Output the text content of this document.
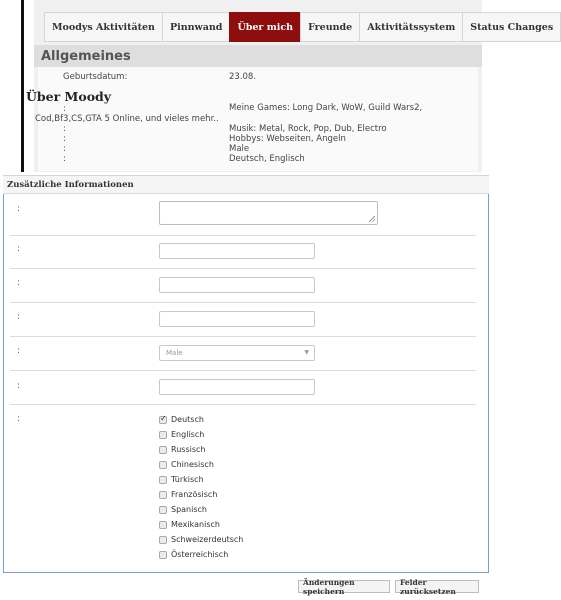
Moodys Aktivitäten	Pinnwand	Über mich	Freunde	Aktivitätssystem	Status Changes
Allgemeines
Geburtsdatum:	23.08.
Über Moody
:	Meine Games: Long Dark, WoW, Guild Wars2,
Cod,Bf3,CS,GTA 5 Online, und vieles mehr..
:	Musik: Metal, Rock, Pop, Dub, Electro
:	Hobbys: Webseiten, Angeln
:	Male
:	Deutsch, Englisch
Zusätzliche Informationen
:
:
:
:
:	Male	▼
:
:
✓	Deutsch
Englisch
Russisch
Chinesisch
Türkisch
Französisch
Spanisch
Mexikanisch
Schweizerdeutsch
Österreichisch
Änderungen speichern
Felder zurücksetzen
